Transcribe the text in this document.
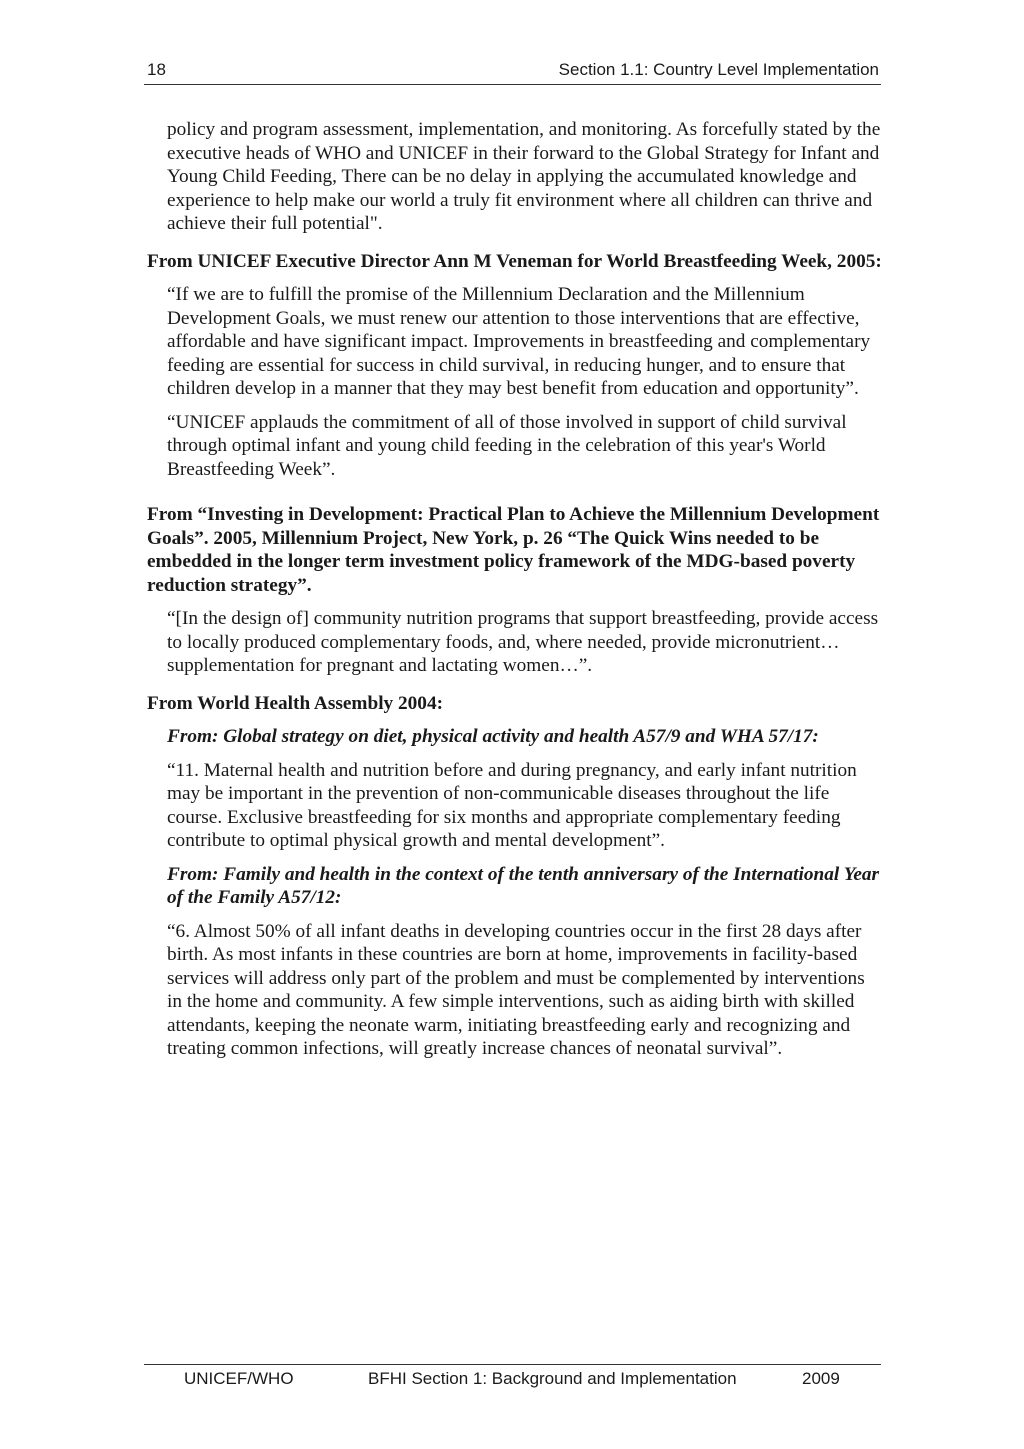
18	Section 1.1: Country Level Implementation

policy and program assessment, implementation, and monitoring. As forcefully stated by the executive heads of WHO and UNICEF in their forward to the Global Strategy for Infant and Young Child Feeding, There can be no delay in applying the accumulated knowledge and experience to help make our world a truly fit environment where all children can thrive and achieve their full potential".

From UNICEF Executive Director Ann M Veneman for World Breastfeeding Week, 2005:

“If we are to fulfill the promise of the Millennium Declaration and the Millennium Development Goals, we must renew our attention to those interventions that are effective, affordable and have significant impact. Improvements in breastfeeding and complementary feeding are essential for success in child survival, in reducing hunger, and to ensure that children develop in a manner that they may best benefit from education and opportunity”.

“UNICEF applauds the commitment of all of those involved in support of child survival through optimal infant and young child feeding in the celebration of this year's World Breastfeeding Week”.

From “Investing in Development: Practical Plan to Achieve the Millennium Development Goals”. 2005, Millennium Project, New York, p. 26 “The Quick Wins needed to be embedded in the longer term investment policy framework of the MDG-based poverty reduction strategy”.

“[In the design of] community nutrition programs that support breastfeeding, provide access to locally produced complementary foods, and, where needed, provide micronutrient…supplementation for pregnant and lactating women…”.

From World Health Assembly 2004:

From: Global strategy on diet, physical activity and health A57/9 and WHA 57/17:

“11. Maternal health and nutrition before and during pregnancy, and early infant nutrition may be important in the prevention of non-communicable diseases throughout the life course. Exclusive breastfeeding for six months and appropriate complementary feeding contribute to optimal physical growth and mental development”.

From: Family and health in the context of the tenth anniversary of the International Year of the Family A57/12:

“6. Almost 50% of all infant deaths in developing countries occur in the first 28 days after birth. As most infants in these countries are born at home, improvements in facility-based services will address only part of the problem and must be complemented by interventions in the home and community. A few simple interventions, such as aiding birth with skilled attendants, keeping the neonate warm, initiating breastfeeding early and recognizing and treating common infections, will greatly increase chances of neonatal survival”.

UNICEF/WHO	BFHI Section 1: Background and Implementation	2009
